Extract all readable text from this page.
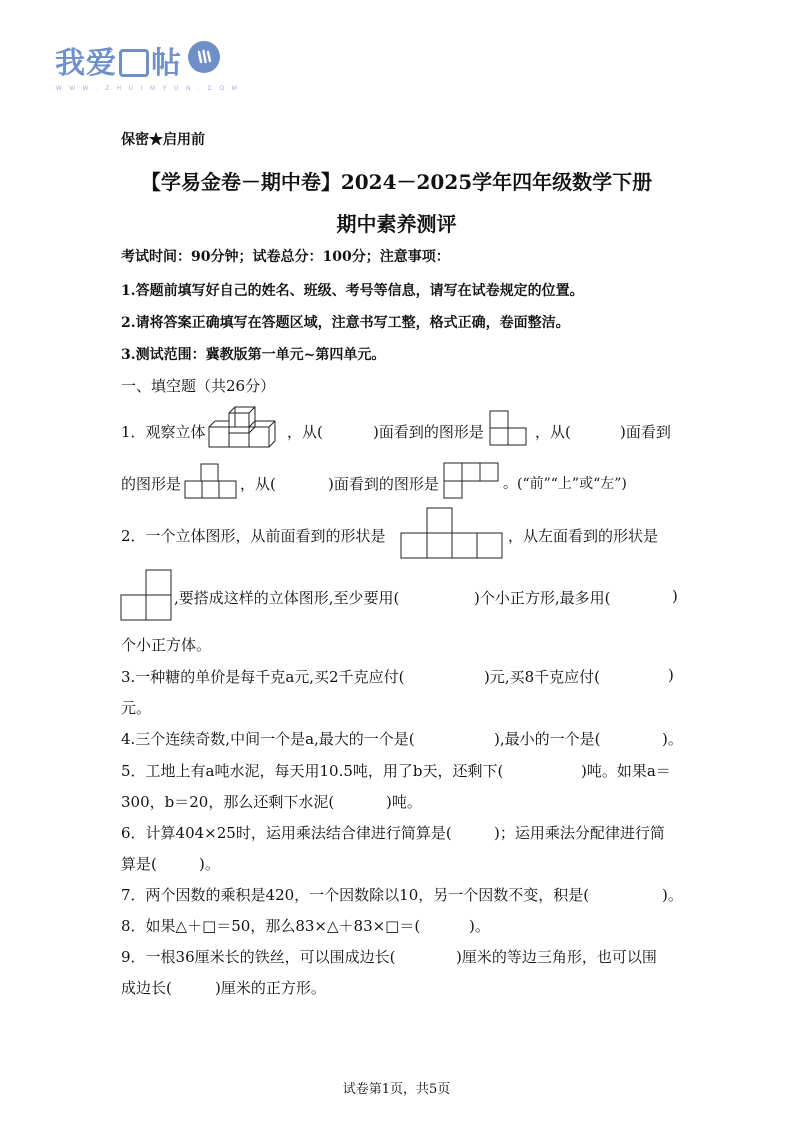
我爱 帖
W W W . Z H U I M Y U N . C O M
保密★启用前
【学易金卷－期中卷】2024－2025学年四年级数学下册
期中素养测评
考试时间：90分钟；试卷总分：100分；注意事项：
1.答题前填写好自己的姓名、班级、考号等信息，请写在试卷规定的位置。
2.请将答案正确填写在答题区域，注意书写工整，格式正确，卷面整洁。
3.测试范围：冀教版第一单元~第四单元。
一、填空题（共26分）
1．观察立体	，从(	)面看到的图形是	，从(	)面看到
的图形是	，从(	)面看到的图形是	。(“前”“上”或“左”)
2．一个立体图形，从前面看到的形状是	，从左面看到的形状是
,要搭成这样的立体图形,至少要用(	)个小正方形,最多用(	)
个小正方体。
3.一种糖的单价是每千克a元,买2千克应付(	)元,买8千克应付(	)
元。
4.三个连续奇数,中间一个是a,最大的一个是(	),最小的一个是(	)。
5．工地上有a吨水泥，每天用10.5吨，用了b天，还剩下(	)吨。如果a＝
300，b＝20，那么还剩下水泥(	)吨。
6．计算404×25时，运用乘法结合律进行简算是(	)；运用乘法分配律进行简
算是(	)。
7．两个因数的乘积是420，一个因数除以10，另一个因数不变，积是(	)。
8．如果△＋□＝50，那么83×△＋83×□＝(	)。
9．一根36厘米长的铁丝，可以围成边长(	)厘米的等边三角形，也可以围
成边长(	)厘米的正方形。
试卷第1页，共5页
